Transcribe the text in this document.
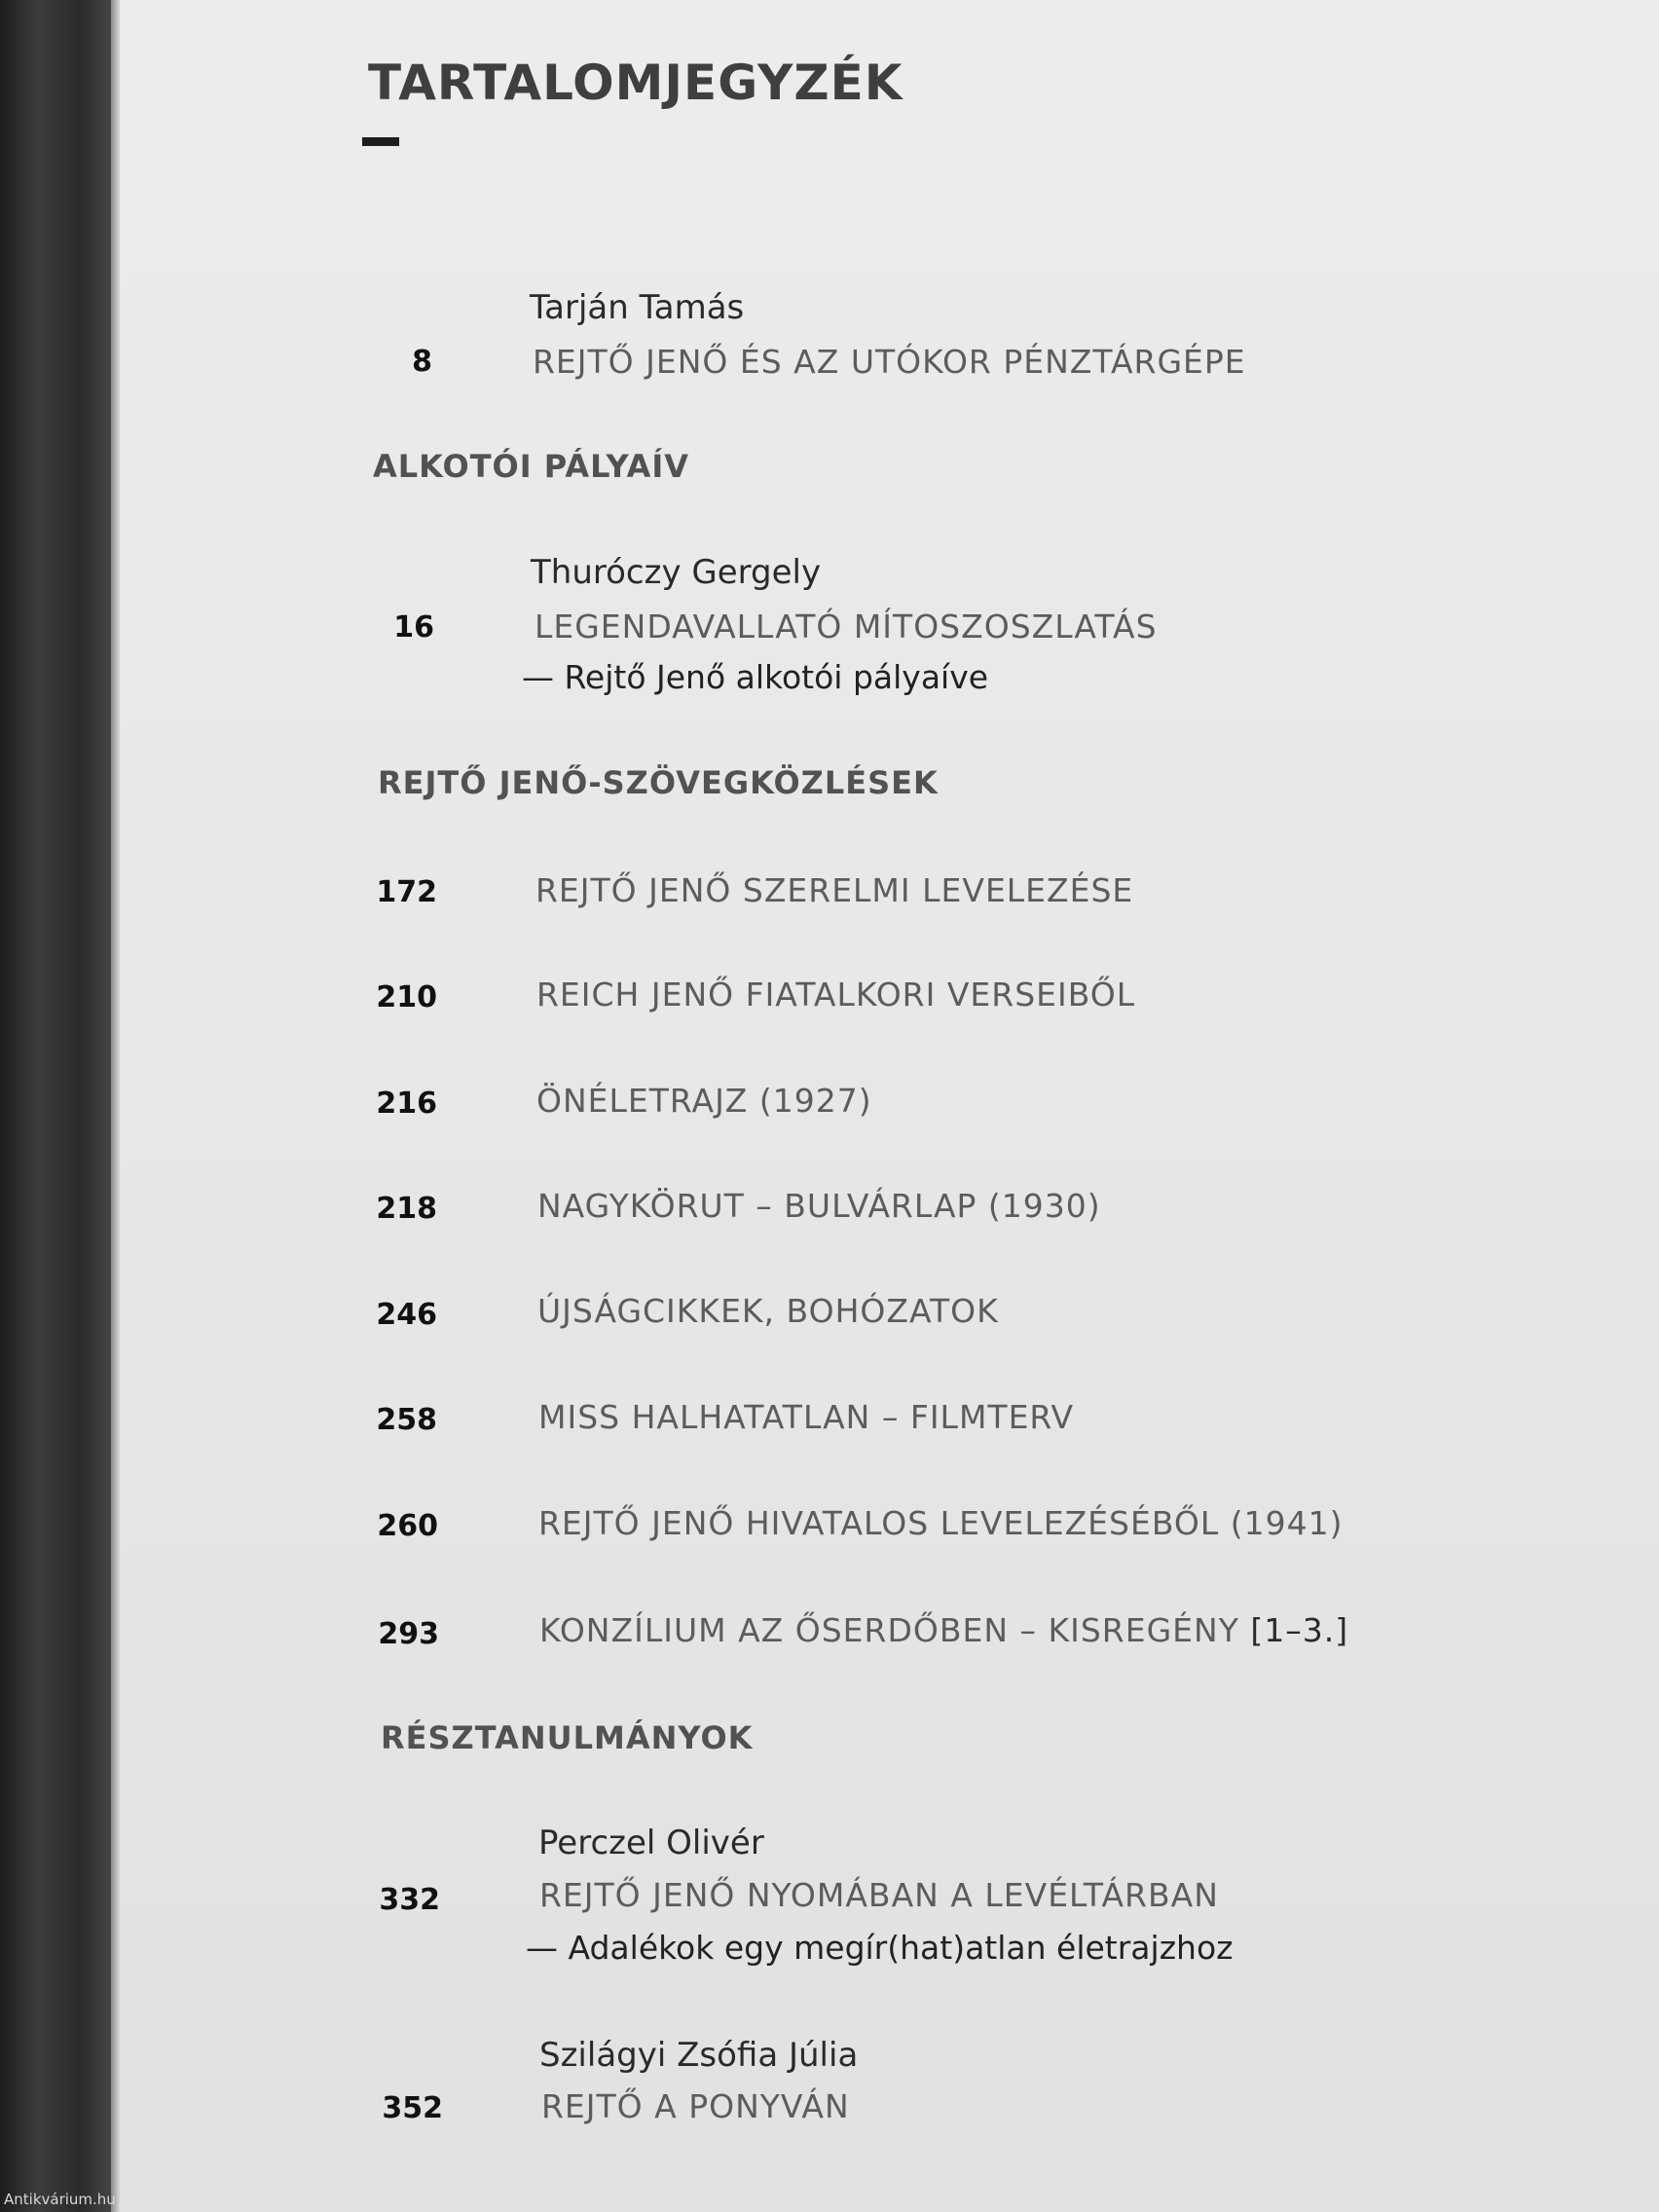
TARTALOMJEGYZÉK
Tarján Tamás
8	REJTŐ JENŐ ÉS AZ UTÓKOR PÉNZTÁRGÉPE
ALKOTÓI PÁLYAÍV
Thuróczy Gergely
16	LEGENDAVALLATÓ MÍTOSZOSZLATÁS
— Rejtő Jenő alkotói pályaíve
REJTŐ JENŐ-SZÖVEGKÖZLÉSEK
172	REJTŐ JENŐ SZERELMI LEVELEZÉSE
210	REICH JENŐ FIATALKORI VERSEIBŐL
216	ÖNÉLETRAJZ (1927)
218	NAGYKÖRUT – BULVÁRLAP (1930)
246	ÚJSÁGCIKKEK, BOHÓZATOK
258	MISS HALHATATLAN – FILMTERV
260	REJTŐ JENŐ HIVATALOS LEVELEZÉSÉBŐL (1941)
293	KONZÍLIUM AZ ŐSERDŐBEN – KISREGÉNY [1–3.]
RÉSZTANULMÁNYOK
Perczel Olivér
332	REJTŐ JENŐ NYOMÁBAN A LEVÉLTÁRBAN
— Adalékok egy megír(hat)atlan életrajzhoz
Szilágyi Zsófia Júlia
352	REJTŐ A PONYVÁN
Antikvárium.hu
